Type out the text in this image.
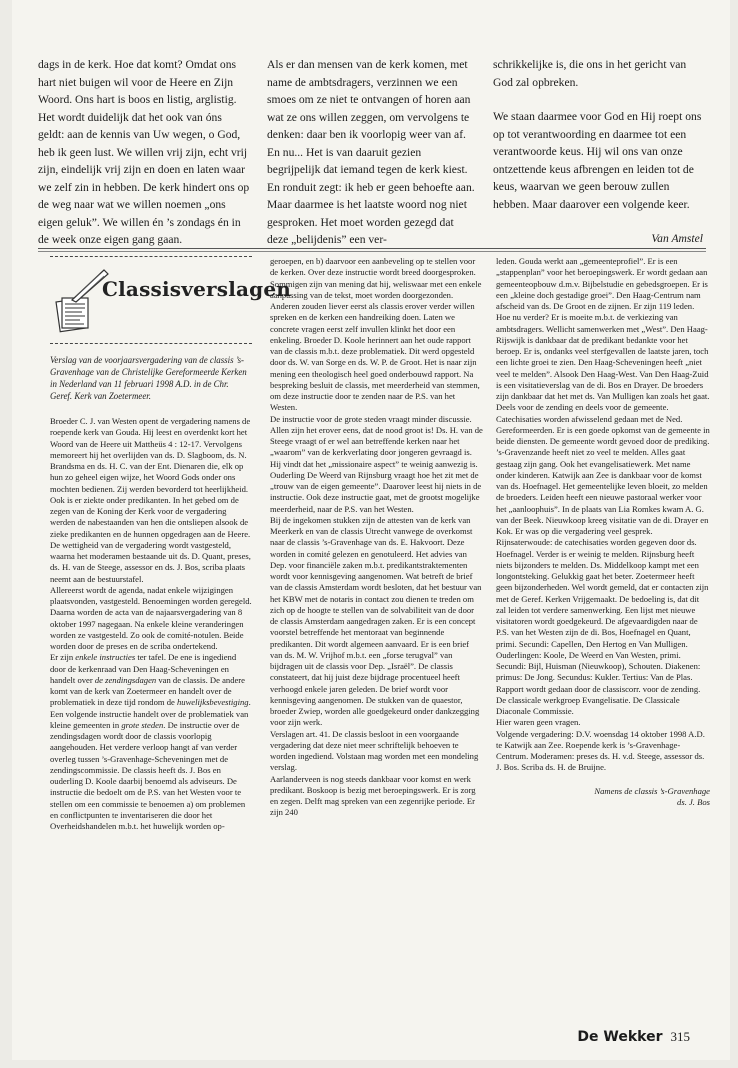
dags in de kerk. Hoe dat komt? Omdat ons hart niet buigen wil voor de Heere en Zijn Woord. Ons hart is boos en listig, arglistig. Het wordt duidelijk dat het ook van óns geldt: aan de kennis van Uw wegen, o God, heb ik geen lust. We willen vrij zijn, echt vrij zijn, eindelijk vrij zijn en doen en laten waar we zelf zin in hebben. De kerk hindert ons op de weg naar wat we willen noemen „ons eigen geluk”. We willen én ’s zondags én in de week onze eigen gang gaan.

Als er dan mensen van de kerk komen, met name de ambtsdragers, verzinnen we een smoes om ze niet te ontvangen of horen aan wat ze ons willen zeggen, om vervolgens te denken: daar ben ik voorlopig weer van af. En nu... Het is van daaruit gezien begrijpelijk dat iemand tegen de kerk kiest. En ronduit zegt: ik heb er geen behoefte aan. Maar daarmee is het laatste woord nog niet gesproken. Het moet worden gezegd dat deze „belijdenis” een ver-

schrikkelijke is, die ons in het gericht van God zal opbreken.

We staan daarmee voor God en Hij roept ons op tot verantwoording en daarmee tot een verantwoorde keus. Hij wil ons van onze ontzettende keus afbrengen en leiden tot de keus, waarvan we geen berouw zullen hebben. Maar daarover een volgende keer.

Van Amstel

Classisverslagen

Verslag van de voorjaarsvergadering van de classis ’s-Gravenhage van de Christelijke Gereformeerde Kerken in Nederland van 11 februari 1998 A.D. in de Chr. Geref. Kerk van Zoetermeer.

Broeder C. J. van Westen opent de vergadering namens de roepende kerk van Gouda. Hij leest en overdenkt kort het Woord van de Heere uit Mattheüs 4 : 12-17. Vervolgens memoreert hij het overlijden van ds. D. Slagboom, ds. N. Brandsma en ds. H. C. van der Ent. Dienaren die, elk op hun zo geheel eigen wijze, het Woord Gods onder ons mochten bedienen. Zij werden bevorderd tot heerlijkheid. Ook is er ziekte onder predikanten. In het gebed om de zegen van de Koning der Kerk voor de vergadering werden de nabestaanden van hen die ontsliepen alsook de zieke predikanten en de hunnen opgedragen aan de Heere.

De wettigheid van de vergadering wordt vastgesteld, waarna het moderamen bestaande uit ds. D. Quant, preses, ds. H. van de Steege, assessor en ds. J. Bos, scriba plaats neemt aan de bestuurstafel.

Allereerst wordt de agenda, nadat enkele wijzigingen plaatsvonden, vastgesteld. Benoemingen worden geregeld. Daarna worden de acta van de najaarsvergadering van 8 oktober 1997 nagegaan. Na enkele kleine veranderingen worden ze vastgesteld. Zo ook de comité-notulen. Beide worden door de preses en de scriba ondertekend.

Er zijn enkele instructies ter tafel. De ene is ingediend door de kerkenraad van Den Haag-Scheveningen en handelt over de zendingsdagen van de classis. De andere komt van de kerk van Zoetermeer en handelt over de problematiek in deze tijd rondom de huwelijksbevestiging. Een volgende instructie handelt over de problematiek van kleine gemeenten in grote steden. De instructie over de zendingsdagen wordt door de classis voorlopig aangehouden. Het verdere verloop hangt af van verder overleg tussen ’s-Gravenhage-Scheveningen met de zendingscommissie. De classis heeft ds. J. Bos en ouderling D. Koole daarbij benoemd als adviseurs. De instructie die bedoelt om de P.S. van het Westen voor te stellen om een commissie te benoemen a) om problemen en conflictpunten te inventariseren die door het Overheidshandelen m.b.t. het huwelijk worden op-

geroepen, en b) daarvoor een aanbeveling op te stellen voor de kerken. Over deze instructie wordt breed doorgesproken. Sommigen zijn van mening dat hij, weliswaar met een enkele aanpassing van de tekst, moet worden doorgezonden. Anderen zouden liever eerst als classis erover verder willen spreken en de kerken een handreiking doen. Laten we concrete vragen eerst zelf invullen klinkt het door een enkeling. Broeder D. Koole herinnert aan het oude rapport van de classis m.b.t. deze problematiek. Dit werd opgesteld door ds. W. van Sorge en ds. W. P. de Groot. Het is naar zijn mening een theologisch heel goed onderbouwd rapport. Na bespreking besluit de classis, met meerderheid van stemmen, om deze instructie door te zenden naar de P.S. van het Westen.

De instructie voor de grote steden vraagt minder discussie. Allen zijn het erover eens, dat de nood groot is! Ds. H. van de Steege vraagt of er wel aan betreffende kerken naar het „waarom” van de kerkverlating door jongeren gevraagd is. Hij vindt dat het „missionaire aspect” te weinig aanwezig is. Ouderling De Weerd van Rijnsburg vraagt hoe het zit met de „trouw van de eigen gemeente”. Daarover leest hij niets in de instructie. Ook deze instructie gaat, met de grootst mogelijke meerderheid, naar de P.S. van het Westen.

Bij de ingekomen stukken zijn de attesten van de kerk van Meerkerk en van de classis Utrecht vanwege de overkomst naar de classis ’s-Gravenhage van ds. E. Hakvoort. Deze worden in comité gelezen en genotuleerd. Het advies van Dep. voor financiële zaken m.b.t. predikantstraktementen wordt voor kennisgeving aangenomen. Wat betreft de brief van de classis Amsterdam wordt besloten, dat het bestuur van het KBW met de notaris in contact zou dienen te treden om zich op de hoogte te stellen van de solvabiliteit van de door de classis Amsterdam aangedragen zaken. Er is een concept voorstel betreffende het mentoraat van beginnende predikanten. Dit wordt algemeen aanvaard. Er is een brief van ds. M. W. Vrijhof m.b.t. een „forse terugval” van bijdragen uit de classis voor Dep. „Israël”. De classis constateert, dat hij juist deze bijdrage procentueel heeft verhoogd enkele jaren geleden. De brief wordt voor kennisgeving aangenomen. De stukken van de quaestor, broeder Zwiep, worden alle goedgekeurd onder dankzegging voor zijn werk.

Verslagen art. 41. De classis besloot in een voorgaande vergadering dat deze niet meer schriftelijk behoeven te worden ingediend. Volstaan mag worden met een mondeling verslag.

Aarlanderveen is nog steeds dankbaar voor komst en werk predikant. Boskoop is bezig met beroepingswerk. Er is zorg en zegen. Delft mag spreken van een zegenrijke periode. Er zijn 240

leden. Gouda werkt aan „gemeenteprofiel”. Er is een „stappenplan” voor het beroepingswerk. Er wordt gedaan aan gemeenteopbouw d.m.v. Bijbelstudie en gebedsgroepen. Er is een „kleine doch gestadige groei”. Den Haag-Centrum nam afscheid van ds. De Groot en de zijnen. Er zijn 119 leden. Hoe nu verder? Er is moeite m.b.t. de verkiezing van ambtsdragers. Wellicht samenwerken met „West”. Den Haag-Rijswijk is dankbaar dat de predikant bedankte voor het beroep. Er is, ondanks veel sterfgevallen de laatste jaren, toch een lichte groei te zien. Den Haag-Scheveningen heeft „niet veel te melden”. Alsook Den Haag-West. Van Den Haag-Zuid is een visitatieverslag van de di. Bos en Drayer. De broeders zijn dankbaar dat het met ds. Van Mulligen kan zoals het gaat. Deels voor de zending en deels voor de gemeente. Catechisaties worden afwisselend gedaan met de Ned. Gereformeerden. Er is een goede opkomst van de gemeente in beide diensten. De gemeente wordt gevoed door de prediking. ’s-Gravenzande heeft niet zo veel te melden. Alles gaat gestaag zijn gang. Ook het evangelisatiewerk. Met name onder kinderen. Katwijk aan Zee is dankbaar voor de komst van ds. Hoefnagel. Het gemeentelijke leven bloeit, zo melden de broeders. Leiden heeft een nieuwe pastoraal werker voor het „aanloophuis”. In de plaats van Lia Romkes kwam A. G. van der Beek. Nieuwkoop kreeg visitatie van de di. Drayer en Kok. Er was op die vergadering veel gesprek. Rijnsaterwoude: de catechisaties worden gegeven door ds. Hoefnagel. Verder is er weinig te melden. Rijnsburg heeft niets bijzonders te melden. Ds. Middelkoop kampt met een longontsteking. Gelukkig gaat het beter. Zoetermeer heeft geen bijzonderheden. Wel wordt gemeld, dat er contacten zijn met de Geref. Kerken Vrijgemaakt. De bedoeling is, dat dit zal leiden tot verdere samenwerking. Een lijst met nieuwe visitatoren wordt goedgekeurd. De afgevaardigden naar de P.S. van het Westen zijn de di. Bos, Hoefnagel en Quant, primi. Secundi: Capellen, Den Hertog en Van Mulligen. Ouderlingen: Koole, De Weerd en Van Westen, primi. Secundi: Bijl, Huisman (Nieuwkoop), Schouten. Diakenen: primus: De Jong. Secundus: Kukler. Tertius: Van de Plas. Rapport wordt gedaan door de classiscorr. voor de zending. De classicale werkgroep Evangelisatie. De Classicale Diaconale Commissie.

Hier waren geen vragen.

Volgende vergadering: D.V. woensdag 14 oktober 1998 A.D. te Katwijk aan Zee. Roepende kerk is ’s-Gravenhage-Centrum. Moderamen: preses ds. H. v.d. Steege, assessor ds. J. Bos. Scriba ds. H. de Bruijne.

Namens de classis ’s-Gravenhage
ds. J. Bos

De Wekker 315
